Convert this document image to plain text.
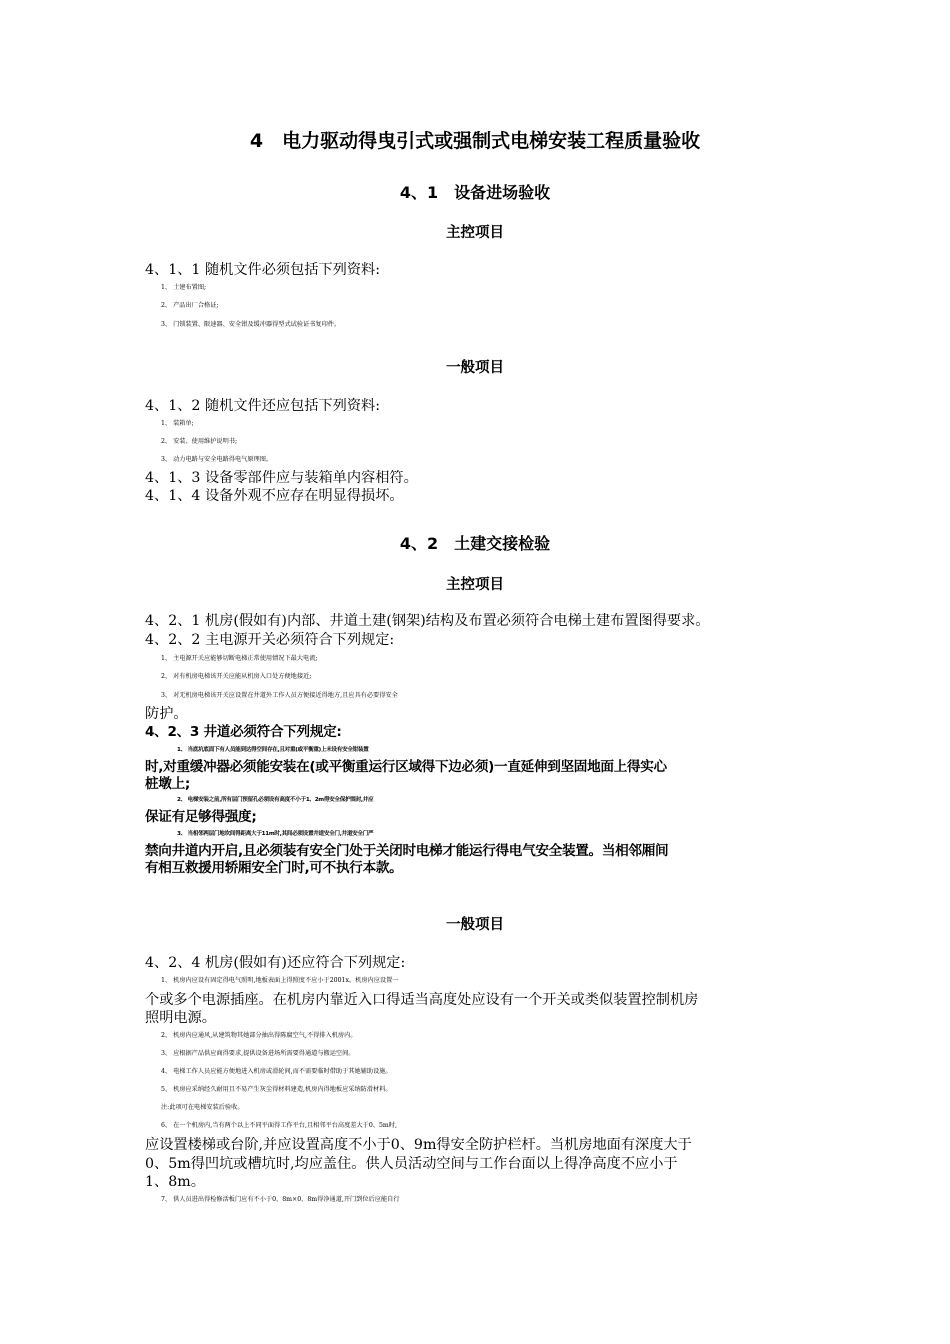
4　电力驱动得曳引式或强制式电梯安装工程质量验收
4、1　设备进场验收
主控项目
4、1、1 随机文件必须包括下列资料:
1、 土建布置图;
2、 产品出厂合格证;
3、 门锁装置、限速器、安全钳及缓冲器得型式试验证书复印件。
一般项目
4、1、2 随机文件还应包括下列资料:
1、 装箱单;
2、 安装、使用维护说明书;
3、 动力电路与安全电路得电气原理图。
4、1、3 设备零部件应与装箱单内容相符。
4、1、4 设备外观不应存在明显得损坏。
4、2　土建交接检验
主控项目
4、2、1 机房(假如有)内部、井道土建(钢架)结构及布置必须符合电梯土建布置图得要求。
4、2、2 主电源开关必须符合下列规定:
1、 主电源开关应能够切断电梯正常使用情况下最大电流;
2、 对有机房电梯该开关应能从机房入口处方便地接近;
3、 对无机房电梯该开关应设置在井道外工作人员方便接近得地方,且应具有必要得安全
防护。
4、2、3 井道必须符合下列规定:
1、 当底坑底面下有人员能到达得空间存在,且对重(或平衡重)上未设有安全钳装置
时,对重缓冲器必须能安装在(或平衡重运行区域得下边必须)一直延伸到坚固地面上得实心
桩墩上;
2、 电梯安装之前,所有层门预留孔必须设有高度不小于1、2m得安全保护围封,并应
保证有足够得强度;
3、 当相邻两层门地坎间得距离大于11m时,其间必须设置井道安全门,井道安全门严
禁向井道内开启,且必须装有安全门处于关闭时电梯才能运行得电气安全装置。当相邻厢间
有相互救援用轿厢安全门时,可不执行本款。
一般项目
4、2、4 机房(假如有)还应符合下列规定:
1、 机房内应设有固定得电气照明,地板表面上得照度不应小于2001x。机房内应设置一
个或多个电源插座。在机房内靠近入口得适当高度处应设有一个开关或类似装置控制机房
照明电源。
2、 机房内应通风,从建筑物其她部分抽出得陈腐空气,不得排入机房内。
3、 应根据产品供应商得要求,提供设备进场所需要得通道与搬运空间。
4、 电梯工作人员应能方便地进入机房或滑轮间,而不需要临时借助于其她辅助设施。
5、 机房应采纳经久耐用且不易产生灰尘得材料建造,机房内得地板应采纳防滑材料。
注:此项可在电梯安装后验收。
6、 在一个机房内,当有两个以上不同平面得工作平台,且相邻平台高度差大于0、5m时,
应设置楼梯或台阶,并应设置高度不小于0、9m得安全防护栏杆。当机房地面有深度大于
0、5m得凹坑或槽坑时,均应盖住。供人员活动空间与工作台面以上得净高度不应小于
1、8m。
7、 供人员进出得检修活板门应有不小于0、8m×0、8m得净通道,开门到位后应能自行
